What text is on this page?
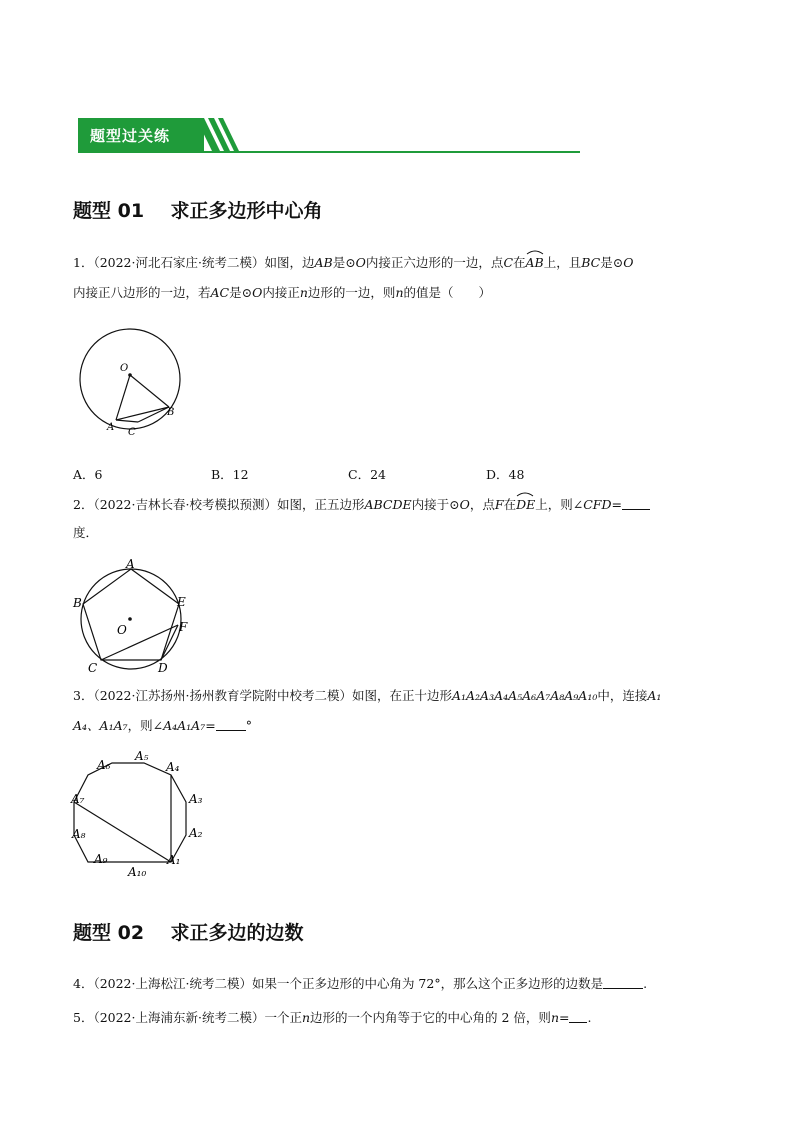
题型过关练
题型 01    求正多边形中心角
1．（2022·河北石家庄·统考二模）如图，边AB是⊙O内接正六边形的一边，点C在
AB上，且BC是⊙O
内接正八边形的一边，若AC是⊙O内接正n边形的一边，则n的值是（　　）
O
A
B
C
A．6	B．12	C．24	D．48
2．（2022·吉林长春·校考模拟预测）如图，正五边形ABCDE内接于⊙O，点F在
DE上，则∠CFD=
度．
A
B
C	D
E
F
O
3．（2022·江苏扬州·扬州教育学院附中校考二模）如图，在正十边形A₁A₂A₃A₄A₅A₆A₇A₈A₉A₁₀中，连接A₁
A₄、A₁A₇，则∠A₄A₁A₇= °
A₁
A₂
A₃
A₄
A₅
A₆
A₇
A₈
A₉
A₁₀
题型 02    求正多边的边数
4．（2022·上海松江·统考二模）如果一个正多边形的中心角为 72°，那么这个正多边形的边数是	.
5．（2022·上海浦东新·统考二模）一个正n边形的一个内角等于它的中心角的 2 倍，则n= .
